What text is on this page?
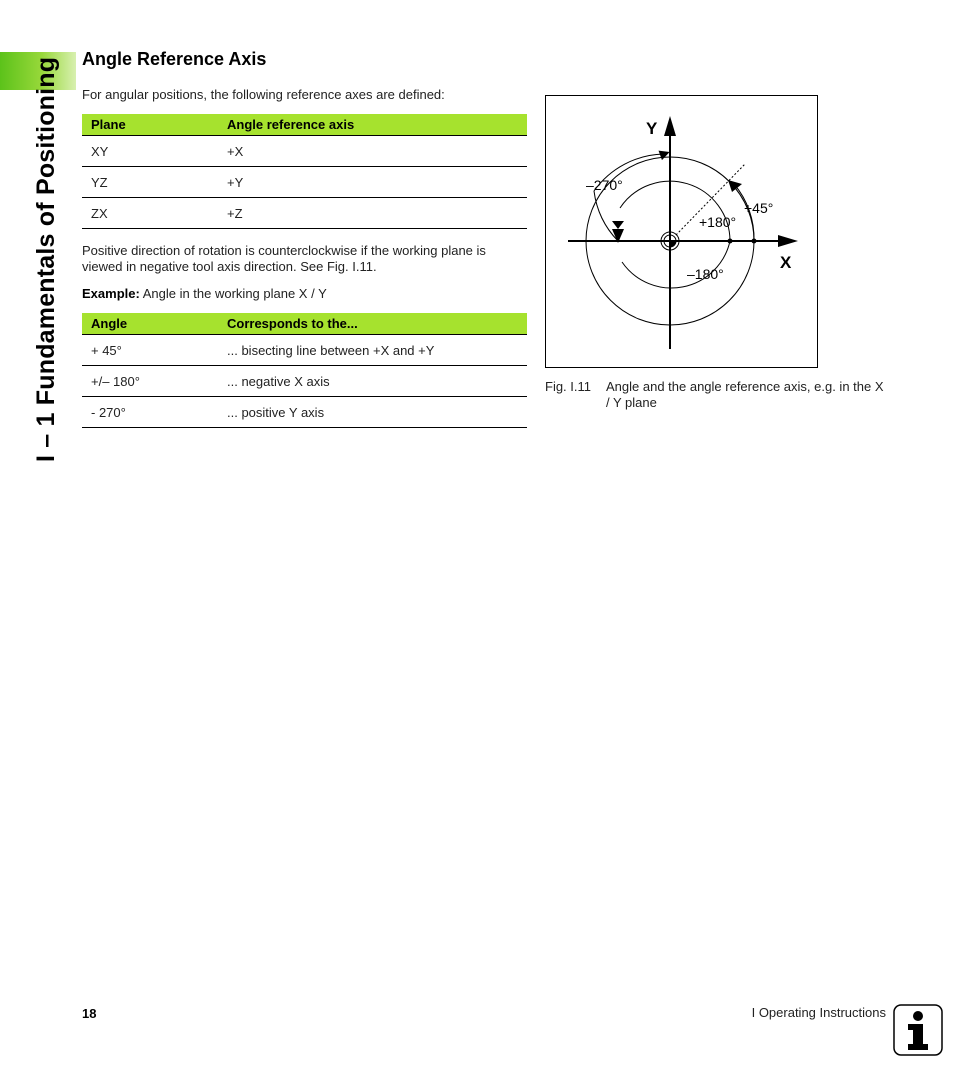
I – 1 Fundamentals of Positioning Angle Reference Axis
For angular positions, the following reference axes are defined:
Plane	Angle reference axis
XY	+X
YZ	+Y
ZX	+Z
Positive direction of rotation is counterclockwise if the working plane is viewed in negative tool axis direction. See Fig. I.11.
Example: Angle in the working plane X / Y
Angle	Corresponds to the...
+ 45°	... bisecting line between +X and +Y
+/– 180°	... negative X axis
- 270°	... positive Y axis
Y
X
–270°
+45°
+180°
–180°
Fig. I.11 Angle and the angle reference axis, e.g. in the X / Y plane
18	I Operating Instructions
